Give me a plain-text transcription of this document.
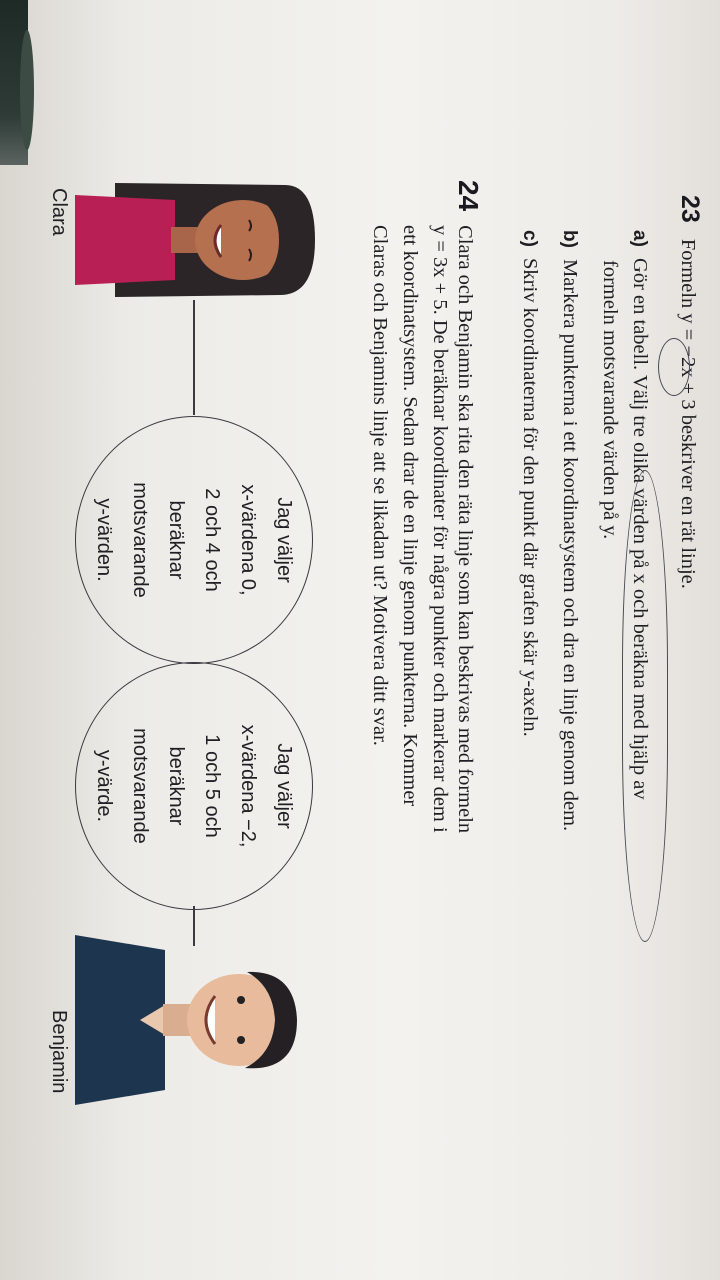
23 Formeln y = −2x + 3 beskriver en rät linje.
a) Gör en tabell. Välj tre olika värden på x och beräkna med hjälp av
formeln motsvarande värden på y.
b) Markera punkterna i ett koordinatsystem och dra en linje genom dem.
c) Skriv koordinaterna för den punkt där grafen skär y-axeln.
24 Clara och Benjamin ska rita den räta linje som kan beskrivas med formeln
y = 3x + 5. De beräknar koordinater för några punkter och markerar dem i
ett koordinatsystem. Sedan drar de en linje genom punkterna. Kommer
Claras och Benjamins linje att se likadan ut? Motivera ditt svar.
Clara
Jag väljer
x-värdena 0,
2 och 4 och
beräknar
motsvarande
y-värden.
Jag väljer
x-värdena −2,
1 och 5 och
beräknar
motsvarande
y-värde.
Benjamin
